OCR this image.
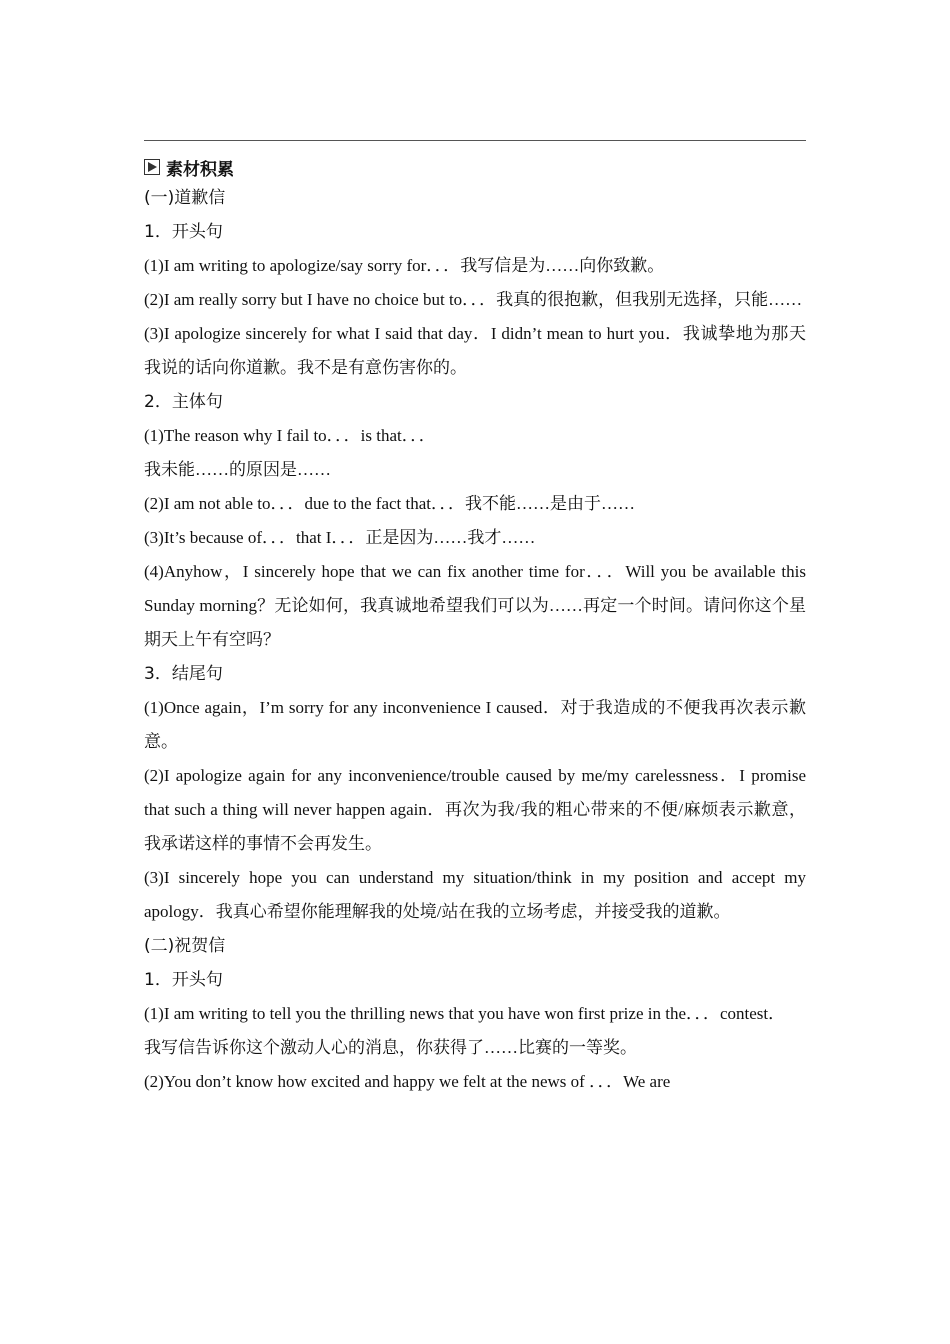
素材积累
(一)道歉信
1．开头句
(1)I am writing to apologize/say sorry for．．．我写信是为……向你致歉。
(2)I am really sorry but I have no choice but to．．．我真的很抱歉，但我别无选择，只能……
(3)I apologize sincerely for what I said that day．I didn’t mean to hurt you．我诚挚地为那天我说的话向你道歉。我不是有意伤害你的。
2．主体句
(1)The reason why I fail to．．．is that．．．
我未能……的原因是……
(2)I am not able to．．．due to the fact that．．．我不能……是由于……
(3)It’s because of．．．that I．．．正是因为……我才……
(4)Anyhow，I sincerely hope that we can fix another time for．．．Will you be available this Sunday morning？无论如何，我真诚地希望我们可以为……再定一个时间。请问你这个星期天上午有空吗？
3．结尾句
(1)Once again，I’m sorry for any inconvenience I caused．对于我造成的不便我再次表示歉意。
(2)I apologize again for any inconvenience/trouble caused by me/my carelessness．I promise that such a thing will never happen again．再次为我/我的粗心带来的不便/麻烦表示歉意，我承诺这样的事情不会再发生。
(3)I sincerely hope you can understand my situation/think in my position and accept my apology．我真心希望你能理解我的处境/站在我的立场考虑，并接受我的道歉。
(二)祝贺信
1．开头句
(1)I am writing to tell you the thrilling news that you have won first prize in the．．．contest．
我写信告诉你这个激动人心的消息，你获得了……比赛的一等奖。
(2)You don’t know how excited and happy we felt at the news of ．．．We are
